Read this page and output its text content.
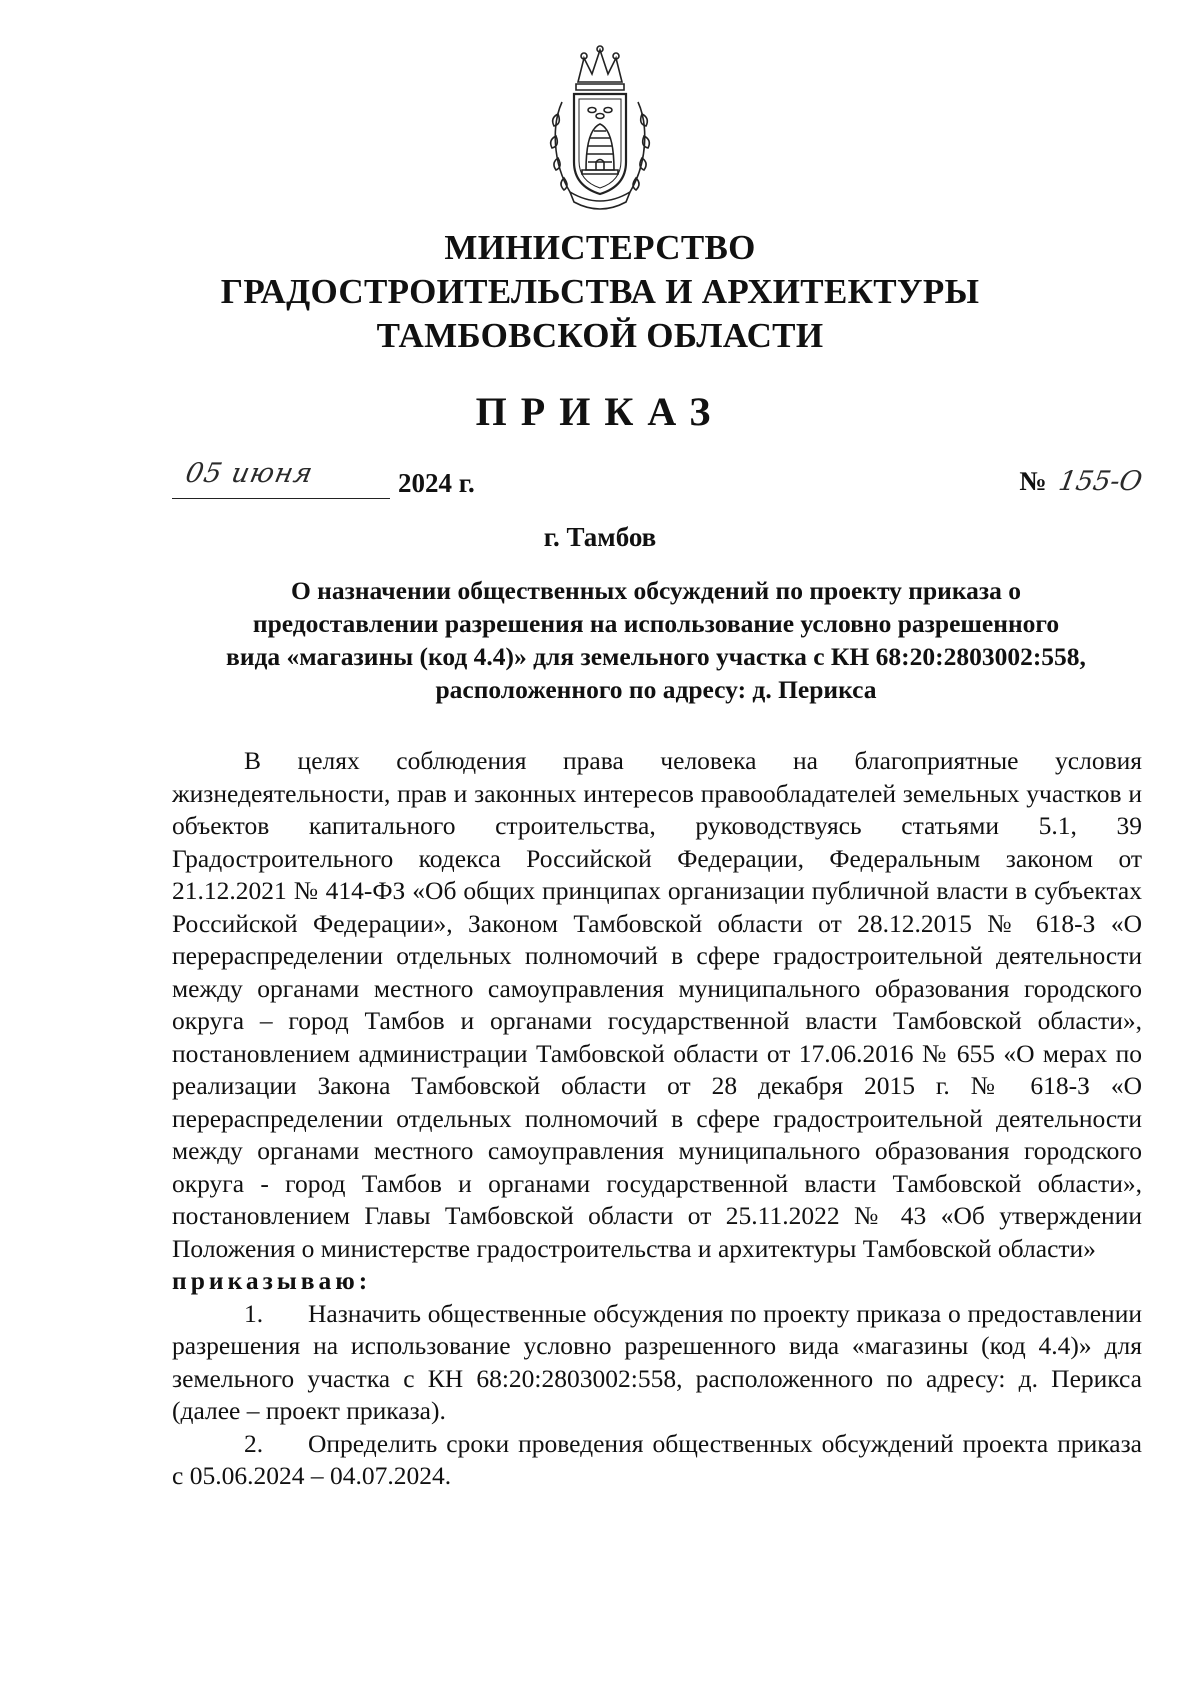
МИНИСТЕРСТВО
ГРАДОСТРОИТЕЛЬСТВА И АРХИТЕКТУРЫ
ТАМБОВСКОЙ ОБЛАСТИ
ПРИКАЗ
05 июня	2024 г.	№ 155-О
г. Тамбов
О назначении общественных обсуждений по проекту приказа о
предоставлении разрешения на использование условно разрешенного
вида «магазины (код 4.4)» для земельного участка с КН 68:20:2803002:558,
расположенного по адресу: д. Перикса

В целях соблюдения права человека на благоприятные условия жизнедеятельности, прав и законных интересов правообладателей земельных участков и объектов капитального строительства, руководствуясь статьями 5.1, 39 Градостроительного кодекса Российской Федерации, Федеральным законом от 21.12.2021 № 414-ФЗ «Об общих принципах организации публичной власти в субъектах Российской Федерации», Законом Тамбовской области от 28.12.2015 № 618-З «О перераспределении отдельных полномочий в сфере градостроительной деятельности между органами местного самоуправления муниципального образования городского округа – город Тамбов и органами государственной власти Тамбовской области», постановлением администрации Тамбовской области от 17.06.2016 № 655 «О мерах по реализации Закона Тамбовской области от 28 декабря 2015 г. № 618-З «О перераспределении отдельных полномочий в сфере градостроительной деятельности между органами местного самоуправления муниципального образования городского округа - город Тамбов и органами государственной власти Тамбовской области», постановлением Главы Тамбовской области от 25.11.2022 № 43 «Об утверждении Положения о министерстве градостроительства и архитектуры Тамбовской области»

приказываю:

1. Назначить общественные обсуждения по проекту приказа о предоставлении разрешения на использование условно разрешенного вида «магазины (код 4.4)» для земельного участка с КН 68:20:2803002:558, расположенного по адресу: д. Перикса (далее – проект приказа).

2. Определить сроки проведения общественных обсуждений проекта приказа с 05.06.2024 – 04.07.2024.
